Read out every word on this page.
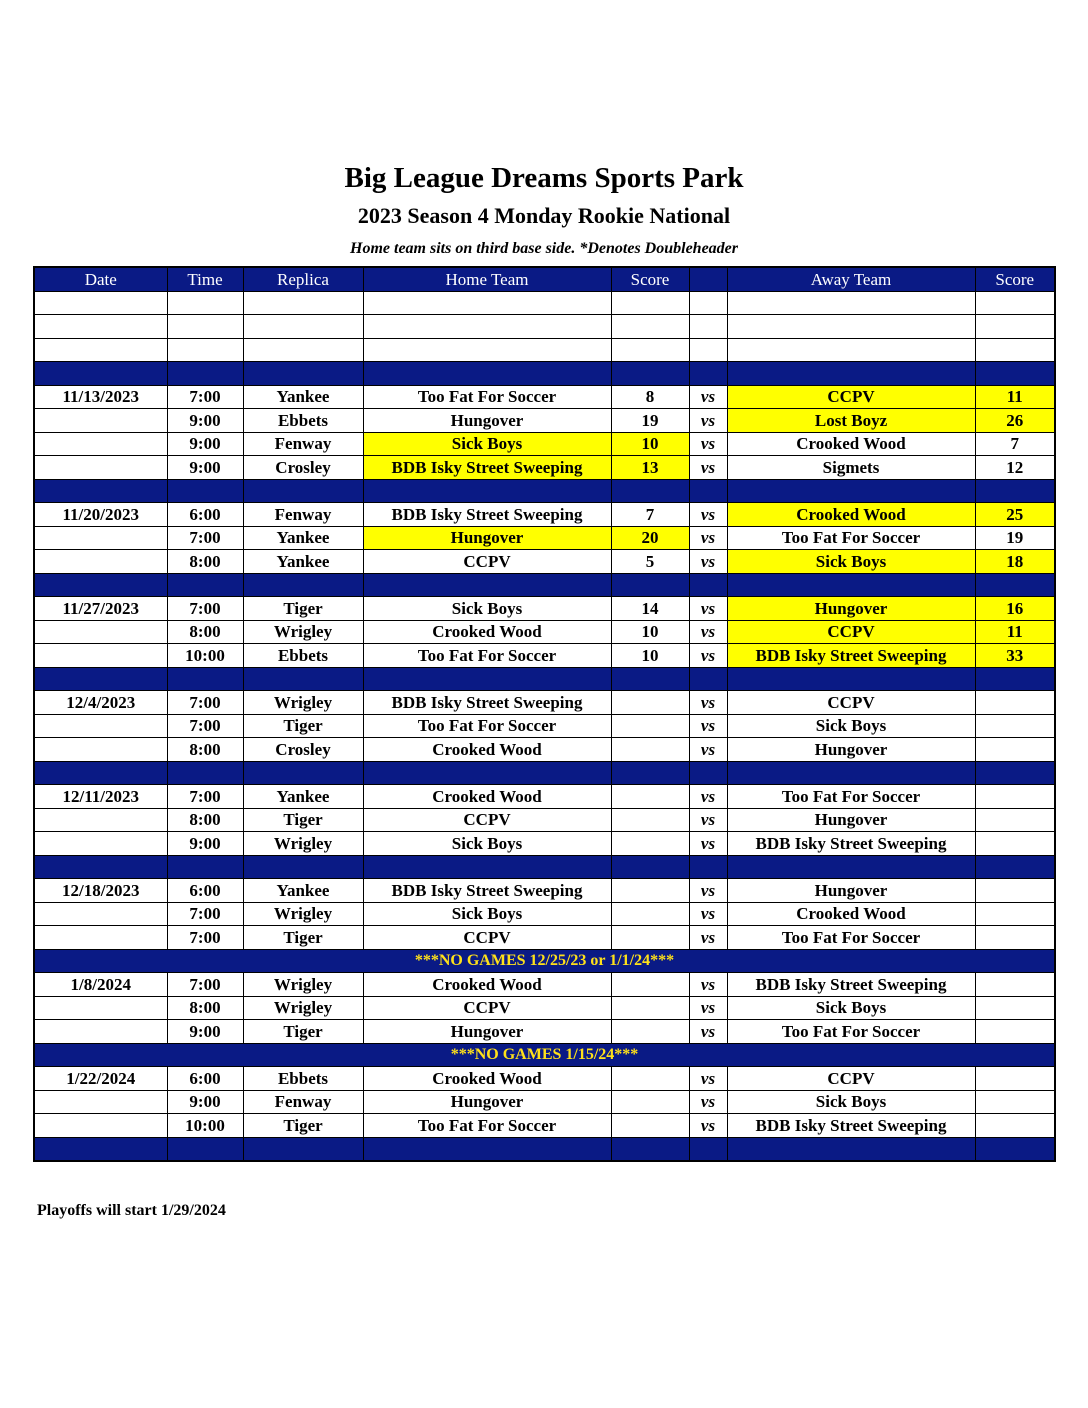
Big League Dreams Sports Park
2023 Season 4 Monday Rookie National
Home team sits on third base side. *Denotes Doubleheader
Date	Time	Replica	Home Team	Score		Away Team	Score

11/13/2023	7:00	Yankee	Too Fat For Soccer	8	vs	CCPV	11
	9:00	Ebbets	Hungover	19	vs	Lost Boyz	26
	9:00	Fenway	Sick Boys	10	vs	Crooked Wood	7
	9:00	Crosley	BDB Isky Street Sweeping	13	vs	Sigmets	12

11/20/2023	6:00	Fenway	BDB Isky Street Sweeping	7	vs	Crooked Wood	25
	7:00	Yankee	Hungover	20	vs	Too Fat For Soccer	19
	8:00	Yankee	CCPV	5	vs	Sick Boys	18

11/27/2023	7:00	Tiger	Sick Boys	14	vs	Hungover	16
	8:00	Wrigley	Crooked Wood	10	vs	CCPV	11
	10:00	Ebbets	Too Fat For Soccer	10	vs	BDB Isky Street Sweeping	33

12/4/2023	7:00	Wrigley	BDB Isky Street Sweeping		vs	CCPV	
	7:00	Tiger	Too Fat For Soccer		vs	Sick Boys	
	8:00	Crosley	Crooked Wood		vs	Hungover	

12/11/2023	7:00	Yankee	Crooked Wood		vs	Too Fat For Soccer	
	8:00	Tiger	CCPV		vs	Hungover	
	9:00	Wrigley	Sick Boys		vs	BDB Isky Street Sweeping	

12/18/2023	6:00	Yankee	BDB Isky Street Sweeping		vs	Hungover	
	7:00	Wrigley	Sick Boys		vs	Crooked Wood	
	7:00	Tiger	CCPV		vs	Too Fat For Soccer	
***NO GAMES 12/25/23 or 1/1/24***							
1/8/2024	7:00	Wrigley	Crooked Wood		vs	BDB Isky Street Sweeping	
	8:00	Wrigley	CCPV		vs	Sick Boys	
	9:00	Tiger	Hungover		vs	Too Fat For Soccer	
***NO GAMES 1/15/24***							
1/22/2024	6:00	Ebbets	Crooked Wood		vs	CCPV	
	9:00	Fenway	Hungover		vs	Sick Boys	
	10:00	Tiger	Too Fat For Soccer		vs	BDB Isky Street Sweeping	

Playoffs will start 1/29/2024
